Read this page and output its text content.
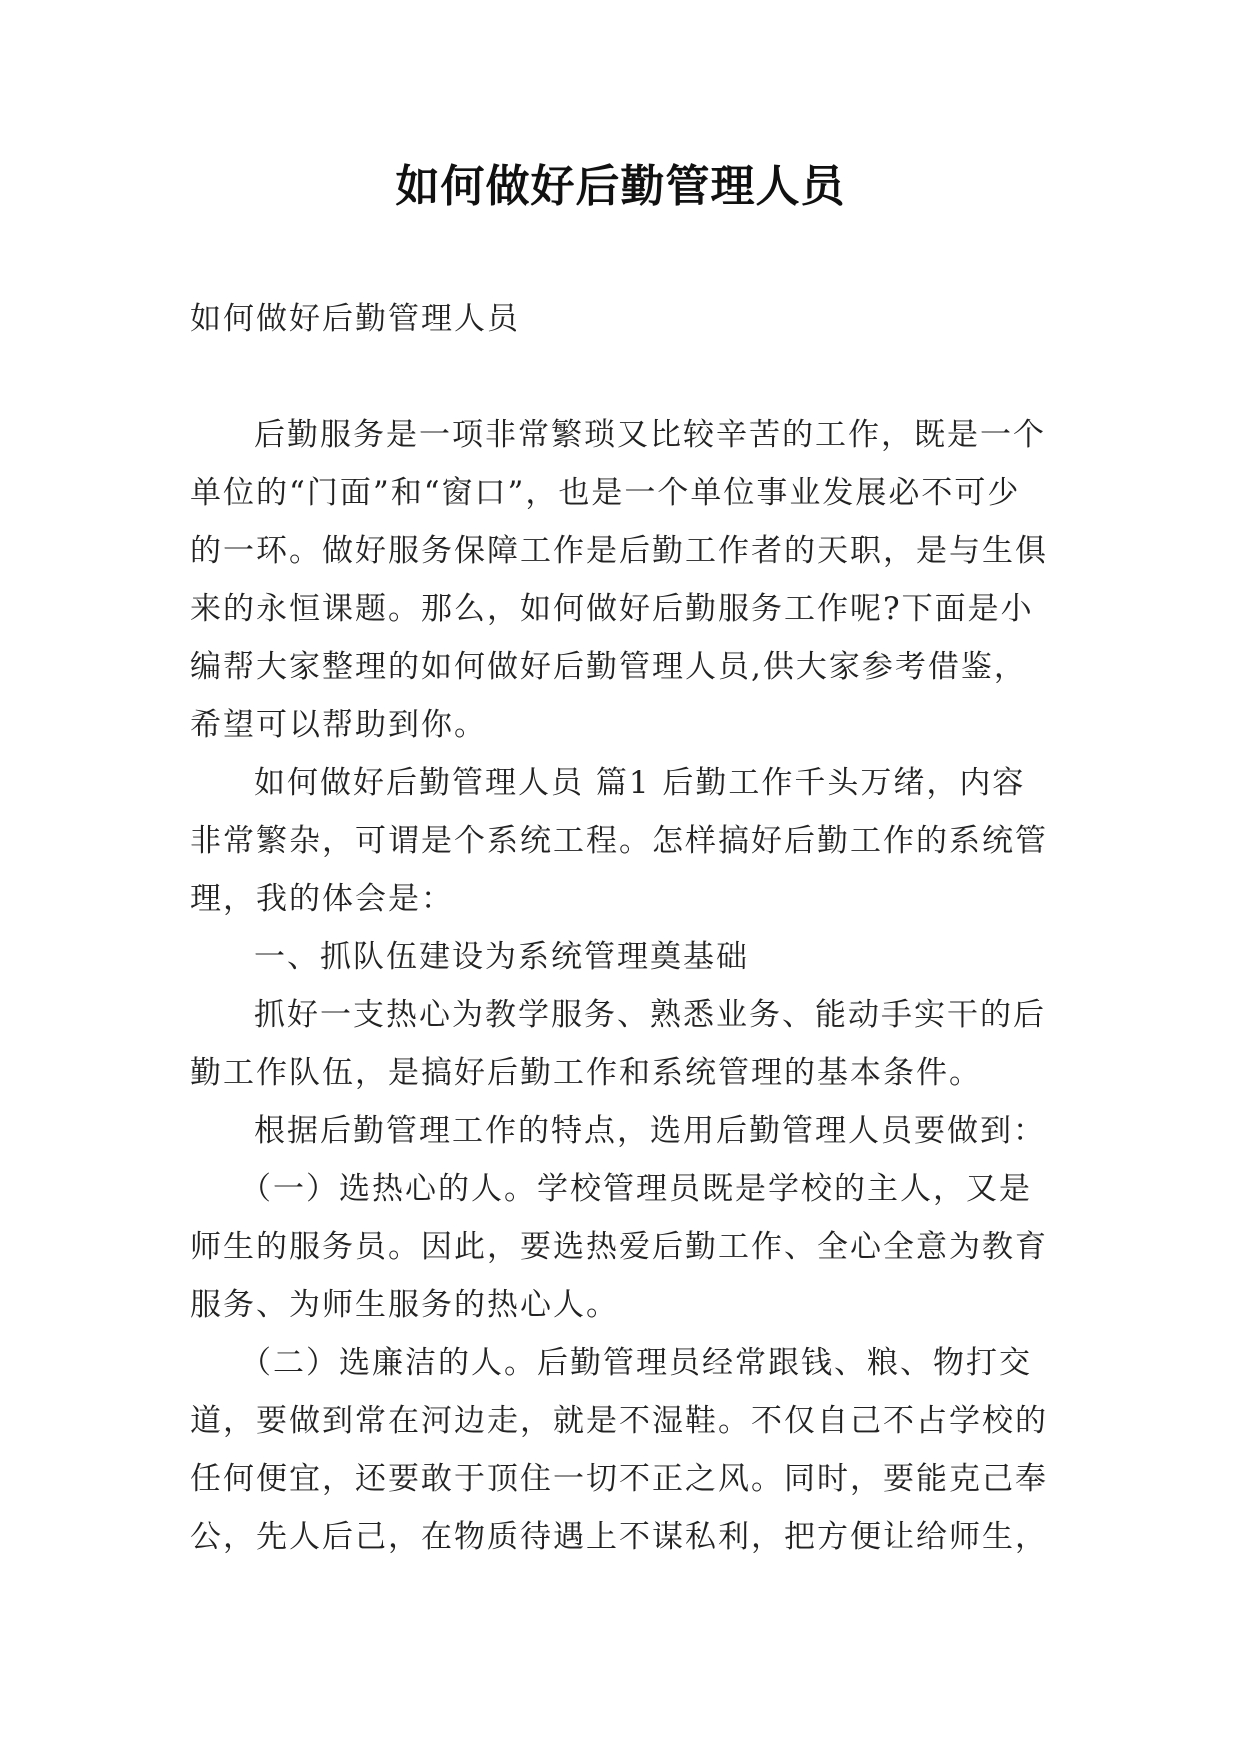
如何做好后勤管理人员
如何做好后勤管理人员

后勤服务是一项非常繁琐又比较辛苦的工作，既是一个单位的“门面”和“窗口”，也是一个单位事业发展必不可少的一环。做好服务保障工作是后勤工作者的天职，是与生俱来的永恒课题。那么，如何做好后勤服务工作呢?下面是小编帮大家整理的如何做好后勤管理人员,供大家参考借鉴，希望可以帮助到你。

如何做好后勤管理人员 篇1 后勤工作千头万绪，内容非常繁杂，可谓是个系统工程。怎样搞好后勤工作的系统管理，我的体会是：

一、抓队伍建设为系统管理奠基础

抓好一支热心为教学服务、熟悉业务、能动手实干的后勤工作队伍，是搞好后勤工作和系统管理的基本条件。

根据后勤管理工作的特点，选用后勤管理人员要做到：

（一）选热心的人。学校管理员既是学校的主人，又是师生的服务员。因此，要选热爱后勤工作、全心全意为教育服务、为师生服务的热心人。

（二）选廉洁的人。后勤管理员经常跟钱、粮、物打交道，要做到常在河边走，就是不湿鞋。不仅自己不占学校的任何便宜，还要敢于顶住一切不正之风。同时，要能克己奉公，先人后己，在物质待遇上不谋私利，把方便让给师生，
